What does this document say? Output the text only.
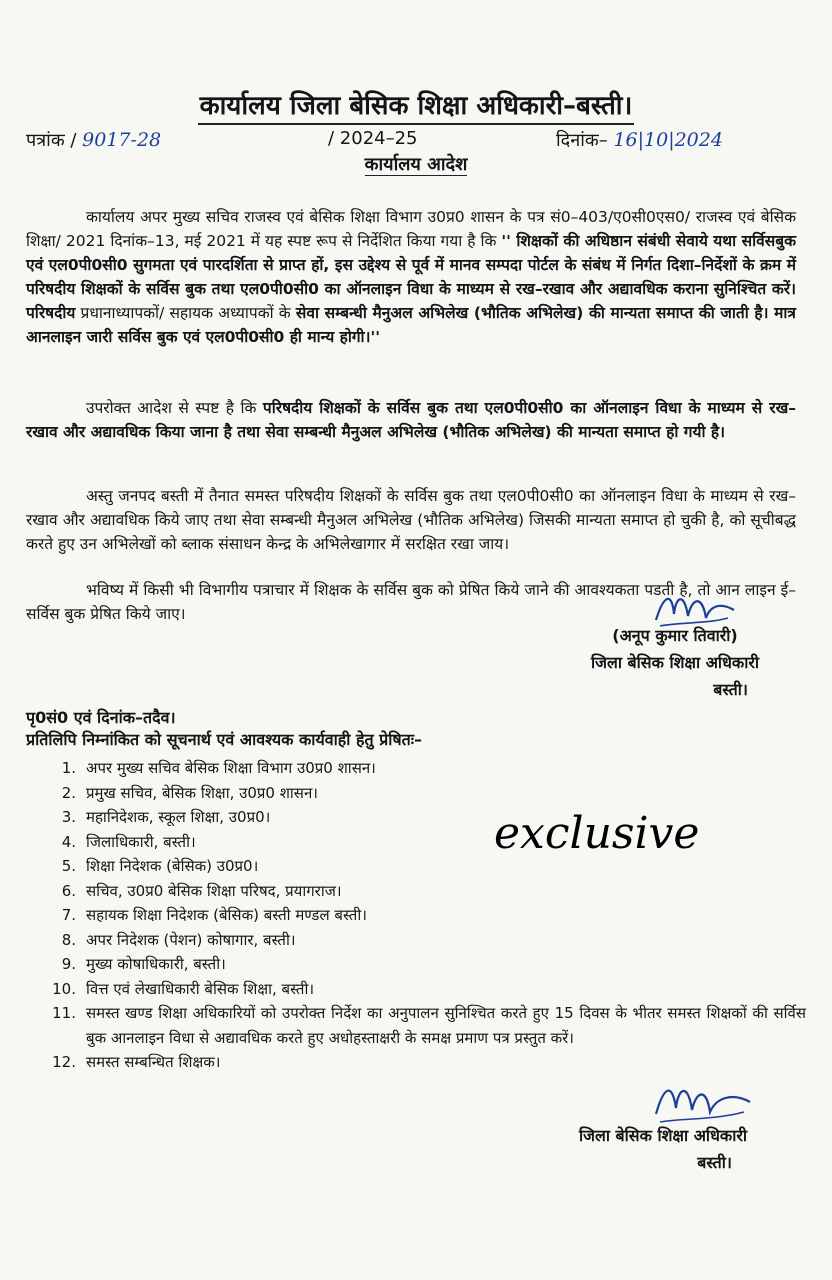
कार्यालय जिला बेसिक शिक्षा अधिकारी–बस्ती।
पत्रांक / 9017-28	/ 2024–25	दिनांक– 16|10|2024
कार्यालय आदेश
कार्यालय अपर मुख्य सचिव राजस्व एवं बेसिक शिक्षा विभाग उ0प्र0 शासन के पत्र सं0–403/ए0सी0एस0/ राजस्व एवं बेसिक शिक्षा/ 2021 दिनांक–13, मई 2021 में यह स्पष्ट रूप से निर्देशित किया गया है कि '' शिक्षकों की अधिष्ठान संबंधी सेवाये यथा सर्विसबुक एवं एल0पी0सी0 सुगमता एवं पारदर्शिता से प्राप्त हों, इस उद्देश्य से पूर्व में मानव सम्पदा पोर्टल के संबंध में निर्गत दिशा–निर्देशों के क्रम में परिषदीय शिक्षकों के सर्विस बुक तथा एल0पी0सी0 का ऑनलाइन विधा के माध्यम से रख–रखाव और अद्यावधिक कराना सुनिश्चित करें। परिषदीय प्रधानाध्यापकों/ सहायक अध्यापकों के सेवा सम्बन्धी मैनुअल अभिलेख (भौतिक अभिलेख) की मान्यता समाप्त की जाती है। मात्र आनलाइन जारी सर्विस बुक एवं एल0पी0सी0 ही मान्य होगी।''
उपरोक्त आदेश से स्पष्ट है कि परिषदीय शिक्षकों के सर्विस बुक तथा एल0पी0सी0 का ऑनलाइन विधा के माध्यम से रख–रखाव और अद्यावधिक किया जाना है तथा सेवा सम्बन्धी मैनुअल अभिलेख (भौतिक अभिलेख) की मान्यता समाप्त हो गयी है।
अस्तु जनपद बस्ती में तैनात समस्त परिषदीय शिक्षकों के सर्विस बुक तथा एल0पी0सी0 का ऑनलाइन विधा के माध्यम से रख–रखाव और अद्यावधिक किये जाए तथा सेवा सम्बन्धी मैनुअल अभिलेख (भौतिक अभिलेख) जिसकी मान्यता समाप्त हो चुकी है, को सूचीबद्ध करते हुए उन अभिलेखों को ब्लाक संसाधन केन्द्र के अभिलेखागार में सरक्षित रखा जाय।
भविष्य में किसी भी विभागीय पत्राचार में शिक्षक के सर्विस बुक को प्रेषित किये जाने की आवश्यकता पडती है, तो आन लाइन ई–सर्विस बुक प्रेषित किये जाए।
(अनूप कुमार तिवारी)
जिला बेसिक शिक्षा अधिकारी
बस्ती।
पृ0सं0 एवं दिनांक–तदैव।
प्रतिलिपि निम्नांकित को सूचनार्थ एवं आवश्यक कार्यवाही हेतु प्रेषितः–
1. अपर मुख्य सचिव बेसिक शिक्षा विभाग उ0प्र0 शासन।
2. प्रमुख सचिव, बेसिक शिक्षा, उ0प्र0 शासन।
3. महानिदेशक, स्कूल शिक्षा, उ0प्र0।
4. जिलाधिकारी, बस्ती।
5. शिक्षा निदेशक (बेसिक) उ0प्र0।
6. सचिव, उ0प्र0 बेसिक शिक्षा परिषद, प्रयागराज।
7. सहायक शिक्षा निदेशक (बेसिक) बस्ती मण्डल बस्ती।
8. अपर निदेशक (पेशन) कोषागार, बस्ती।
9. मुख्य कोषाधिकारी, बस्ती।
10. वित्त एवं लेखाधिकारी बेसिक शिक्षा, बस्ती।
11. समस्त खण्ड शिक्षा अधिकारियों को उपरोक्त निर्देश का अनुपालन सुनिश्चित करते हुए 15 दिवस के भीतर समस्त शिक्षकों की सर्विस बुक आनलाइन विधा से अद्यावधिक करते हुए अधोहस्ताक्षरी के समक्ष प्रमाण पत्र प्रस्तुत करें।
12. समस्त सम्बन्धित शिक्षक।
exclusive
जिला बेसिक शिक्षा अधिकारी
बस्ती।
